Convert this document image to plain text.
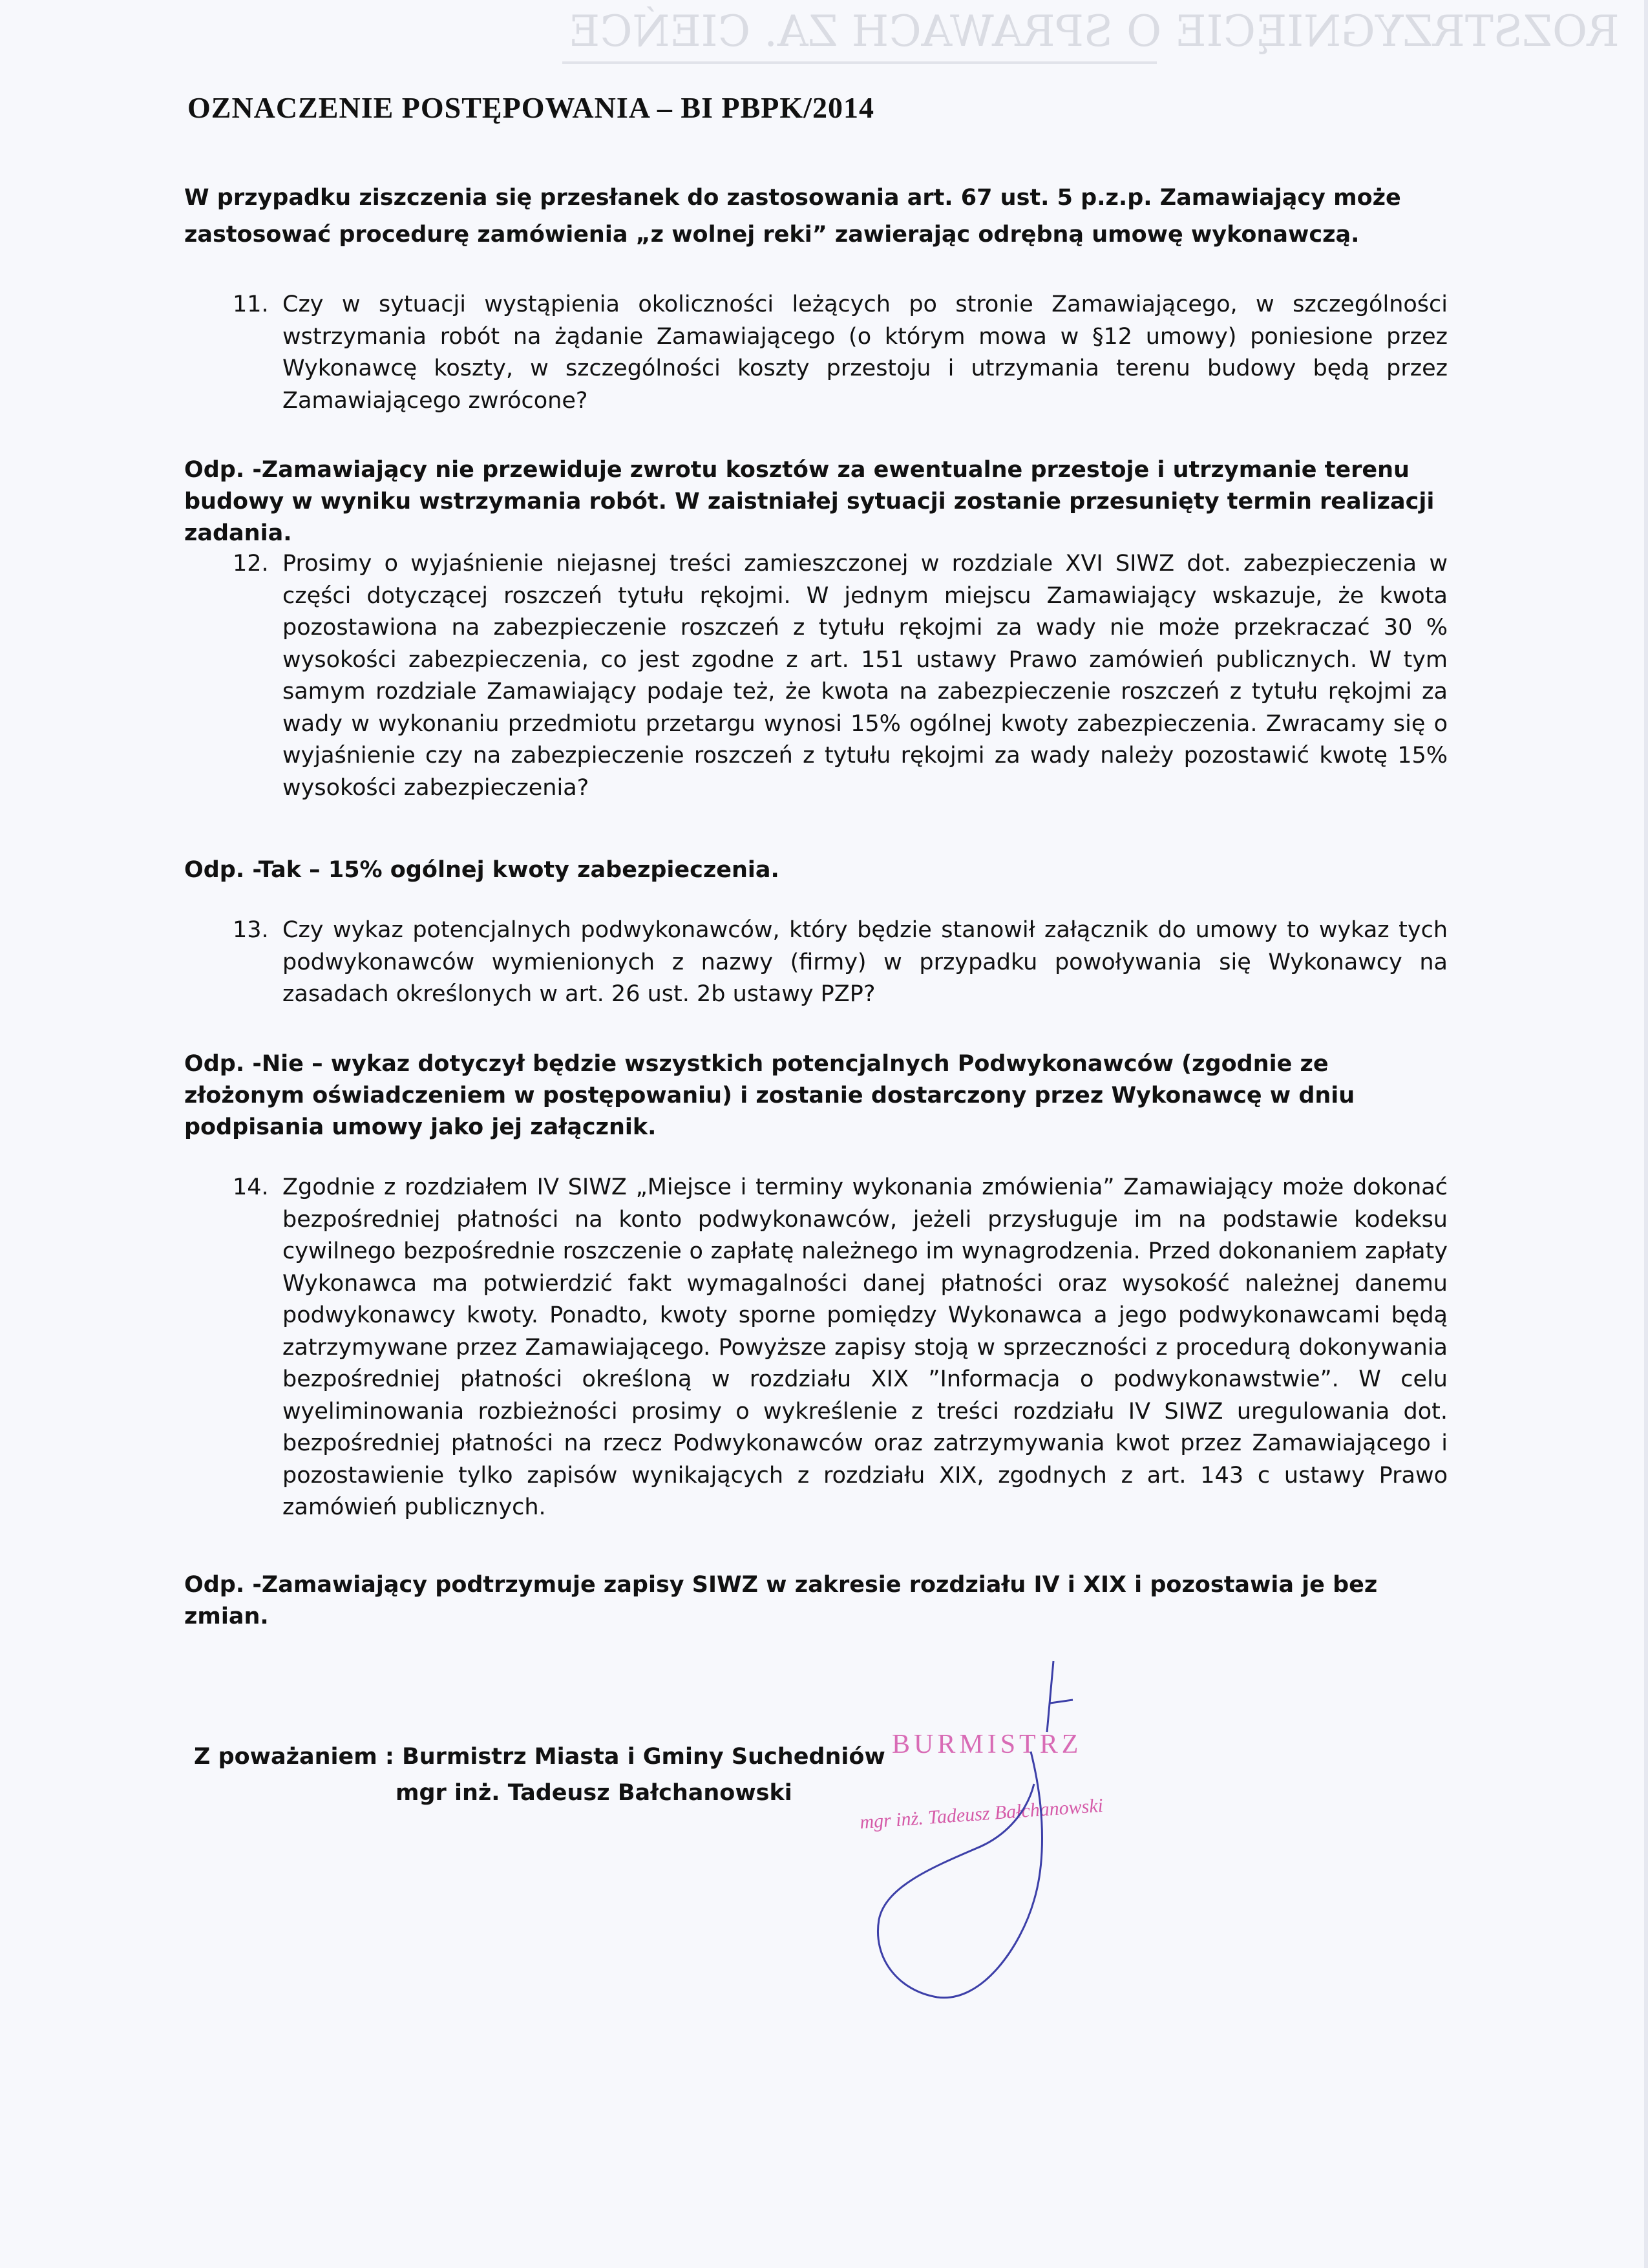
ROZSTRZYGNIĘCIE O SPRAWACH ZA. CIEŃCE
OZNACZENIE POSTĘPOWANIA – BI PBPK/2014

W przypadku ziszczenia się przesłanek do zastosowania art. 67 ust. 5 p.z.p. Zamawiający może zastosować procedurę zamówienia „z wolnej reki” zawierając odrębną umowę wykonawczą.

11. Czy w sytuacji wystąpienia okoliczności leżących po stronie Zamawiającego, w szczególności wstrzymania robót na żądanie Zamawiającego (o którym mowa w §12 umowy) poniesione przez Wykonawcę koszty, w szczególności koszty przestoju i utrzymania terenu budowy będą przez Zamawiającego zwrócone?

Odp. -Zamawiający nie przewiduje zwrotu kosztów za ewentualne przestoje i utrzymanie terenu budowy w wyniku wstrzymania robót. W zaistniałej sytuacji zostanie przesunięty termin realizacji zadania.

12. Prosimy o wyjaśnienie niejasnej treści zamieszczonej w rozdziale XVI SIWZ dot. zabezpieczenia w części dotyczącej roszczeń tytułu rękojmi. W jednym miejscu Zamawiający wskazuje, że kwota pozostawiona na zabezpieczenie roszczeń z tytułu rękojmi za wady nie może przekraczać 30 % wysokości zabezpieczenia, co jest zgodne z art. 151 ustawy Prawo zamówień publicznych. W tym samym rozdziale Zamawiający podaje też, że kwota na zabezpieczenie roszczeń z tytułu rękojmi za wady w wykonaniu przedmiotu przetargu wynosi 15% ogólnej kwoty zabezpieczenia. Zwracamy się o wyjaśnienie czy na zabezpieczenie roszczeń z tytułu rękojmi za wady należy pozostawić kwotę 15% wysokości zabezpieczenia?

Odp. -Tak – 15% ogólnej kwoty zabezpieczenia.

13. Czy wykaz potencjalnych podwykonawców, który będzie stanowił załącznik do umowy to wykaz tych podwykonawców wymienionych z nazwy (firmy) w przypadku powoływania się Wykonawcy na zasadach określonych w art. 26 ust. 2b ustawy PZP?

Odp. -Nie – wykaz dotyczył będzie wszystkich potencjalnych Podwykonawców (zgodnie ze złożonym oświadczeniem w postępowaniu) i zostanie dostarczony przez Wykonawcę w dniu podpisania umowy jako jej załącznik.

14. Zgodnie z rozdziałem IV SIWZ „Miejsce i terminy wykonania zmówienia” Zamawiający może dokonać bezpośredniej płatności na konto podwykonawców, jeżeli przysługuje im na podstawie kodeksu cywilnego bezpośrednie roszczenie o zapłatę należnego im wynagrodzenia. Przed dokonaniem zapłaty Wykonawca ma potwierdzić fakt wymagalności danej płatności oraz wysokość należnej danemu podwykonawcy kwoty. Ponadto, kwoty sporne pomiędzy Wykonawca a jego podwykonawcami będą zatrzymywane przez Zamawiającego. Powyższe zapisy stoją w sprzeczności z procedurą dokonywania bezpośredniej płatności określoną w rozdziału XIX ”Informacja o podwykonawstwie”. W celu wyeliminowania rozbieżności prosimy o wykreślenie z treści rozdziału IV SIWZ uregulowania dot. bezpośredniej płatności na rzecz Podwykonawców oraz zatrzymywania kwot przez Zamawiającego i pozostawienie tylko zapisów wynikających z rozdziału XIX, zgodnych z art. 143 c ustawy Prawo zamówień publicznych.

Odp. -Zamawiający podtrzymuje zapisy SIWZ w zakresie rozdziału IV i XIX i pozostawia je bez zmian.

Z poważaniem : Burmistrz Miasta i Gminy Suchedniów
mgr inż. Tadeusz Bałchanowski
BURMISTRZ
mgr inż. Tadeusz Bałchanowski
